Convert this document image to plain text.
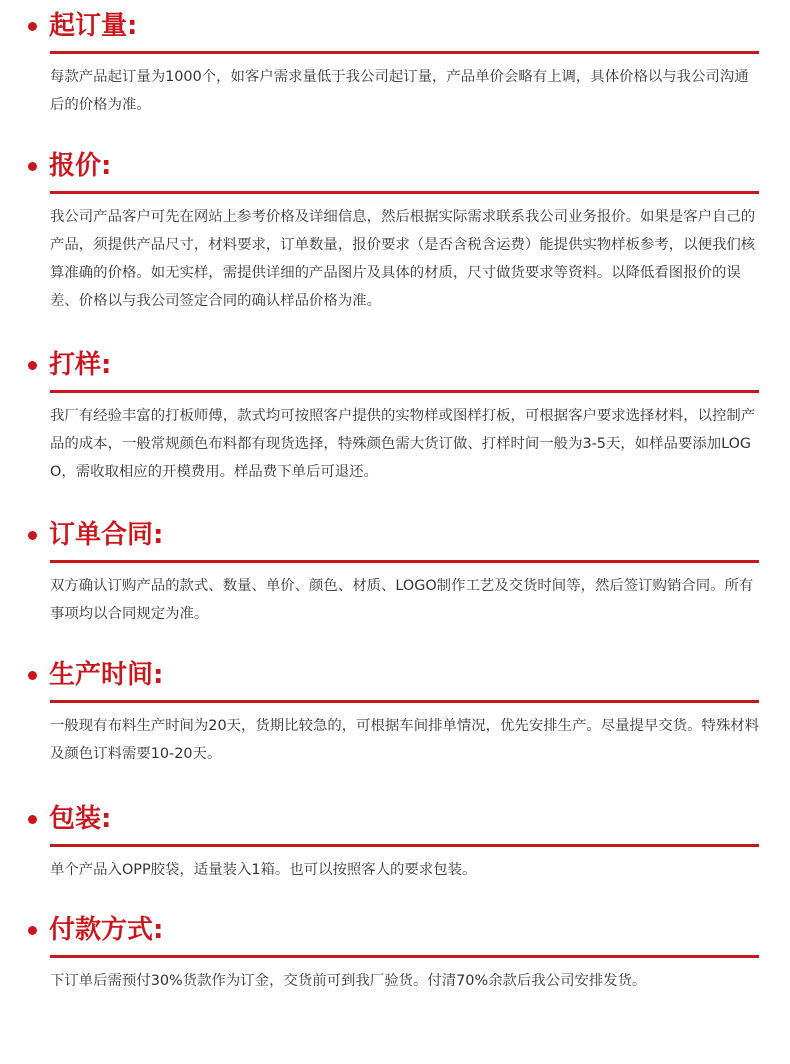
起订量:

每款产品起订量为1000个，如客户需求量低于我公司起订量，产品单价会略有上调，具体价格以与我公司沟通后的价格为准。

报价:

我公司产品客户可先在网站上参考价格及详细信息，然后根据实际需求联系我公司业务报价。如果是客户自己的产品，须提供产品尺寸，材料要求，订单数量，报价要求（是否含税含运费）能提供实物样板参考，以便我们核算准确的价格。如无实样，需提供详细的产品图片及具体的材质，尺寸做货要求等资料。以降低看图报价的误差、价格以与我公司签定合同的确认样品价格为准。

打样:

我厂有经验丰富的打板师傅，款式均可按照客户提供的实物样或图样打板，可根据客户要求选择材料，以控制产品的成本，一般常规颜色布料都有现货选择，特殊颜色需大货订做、打样时间一般为3-5天，如样品要添加LOGO，需收取相应的开模费用。样品费下单后可退还。

订单合同:

双方确认订购产品的款式、数量、单价、颜色、材质、LOGO制作工艺及交货时间等，然后签订购销合同。所有事项均以合同规定为准。

生产时间:

一般现有布料生产时间为20天，货期比较急的，可根据车间排单情况，优先安排生产。尽量提早交货。特殊材料及颜色订料需要10-20天。

包装:

单个产品入OPP胶袋，适量装入1箱。也可以按照客人的要求包装。

付款方式:

下订单后需预付30%货款作为订金，交货前可到我厂验货。付清70%余款后我公司安排发货。
